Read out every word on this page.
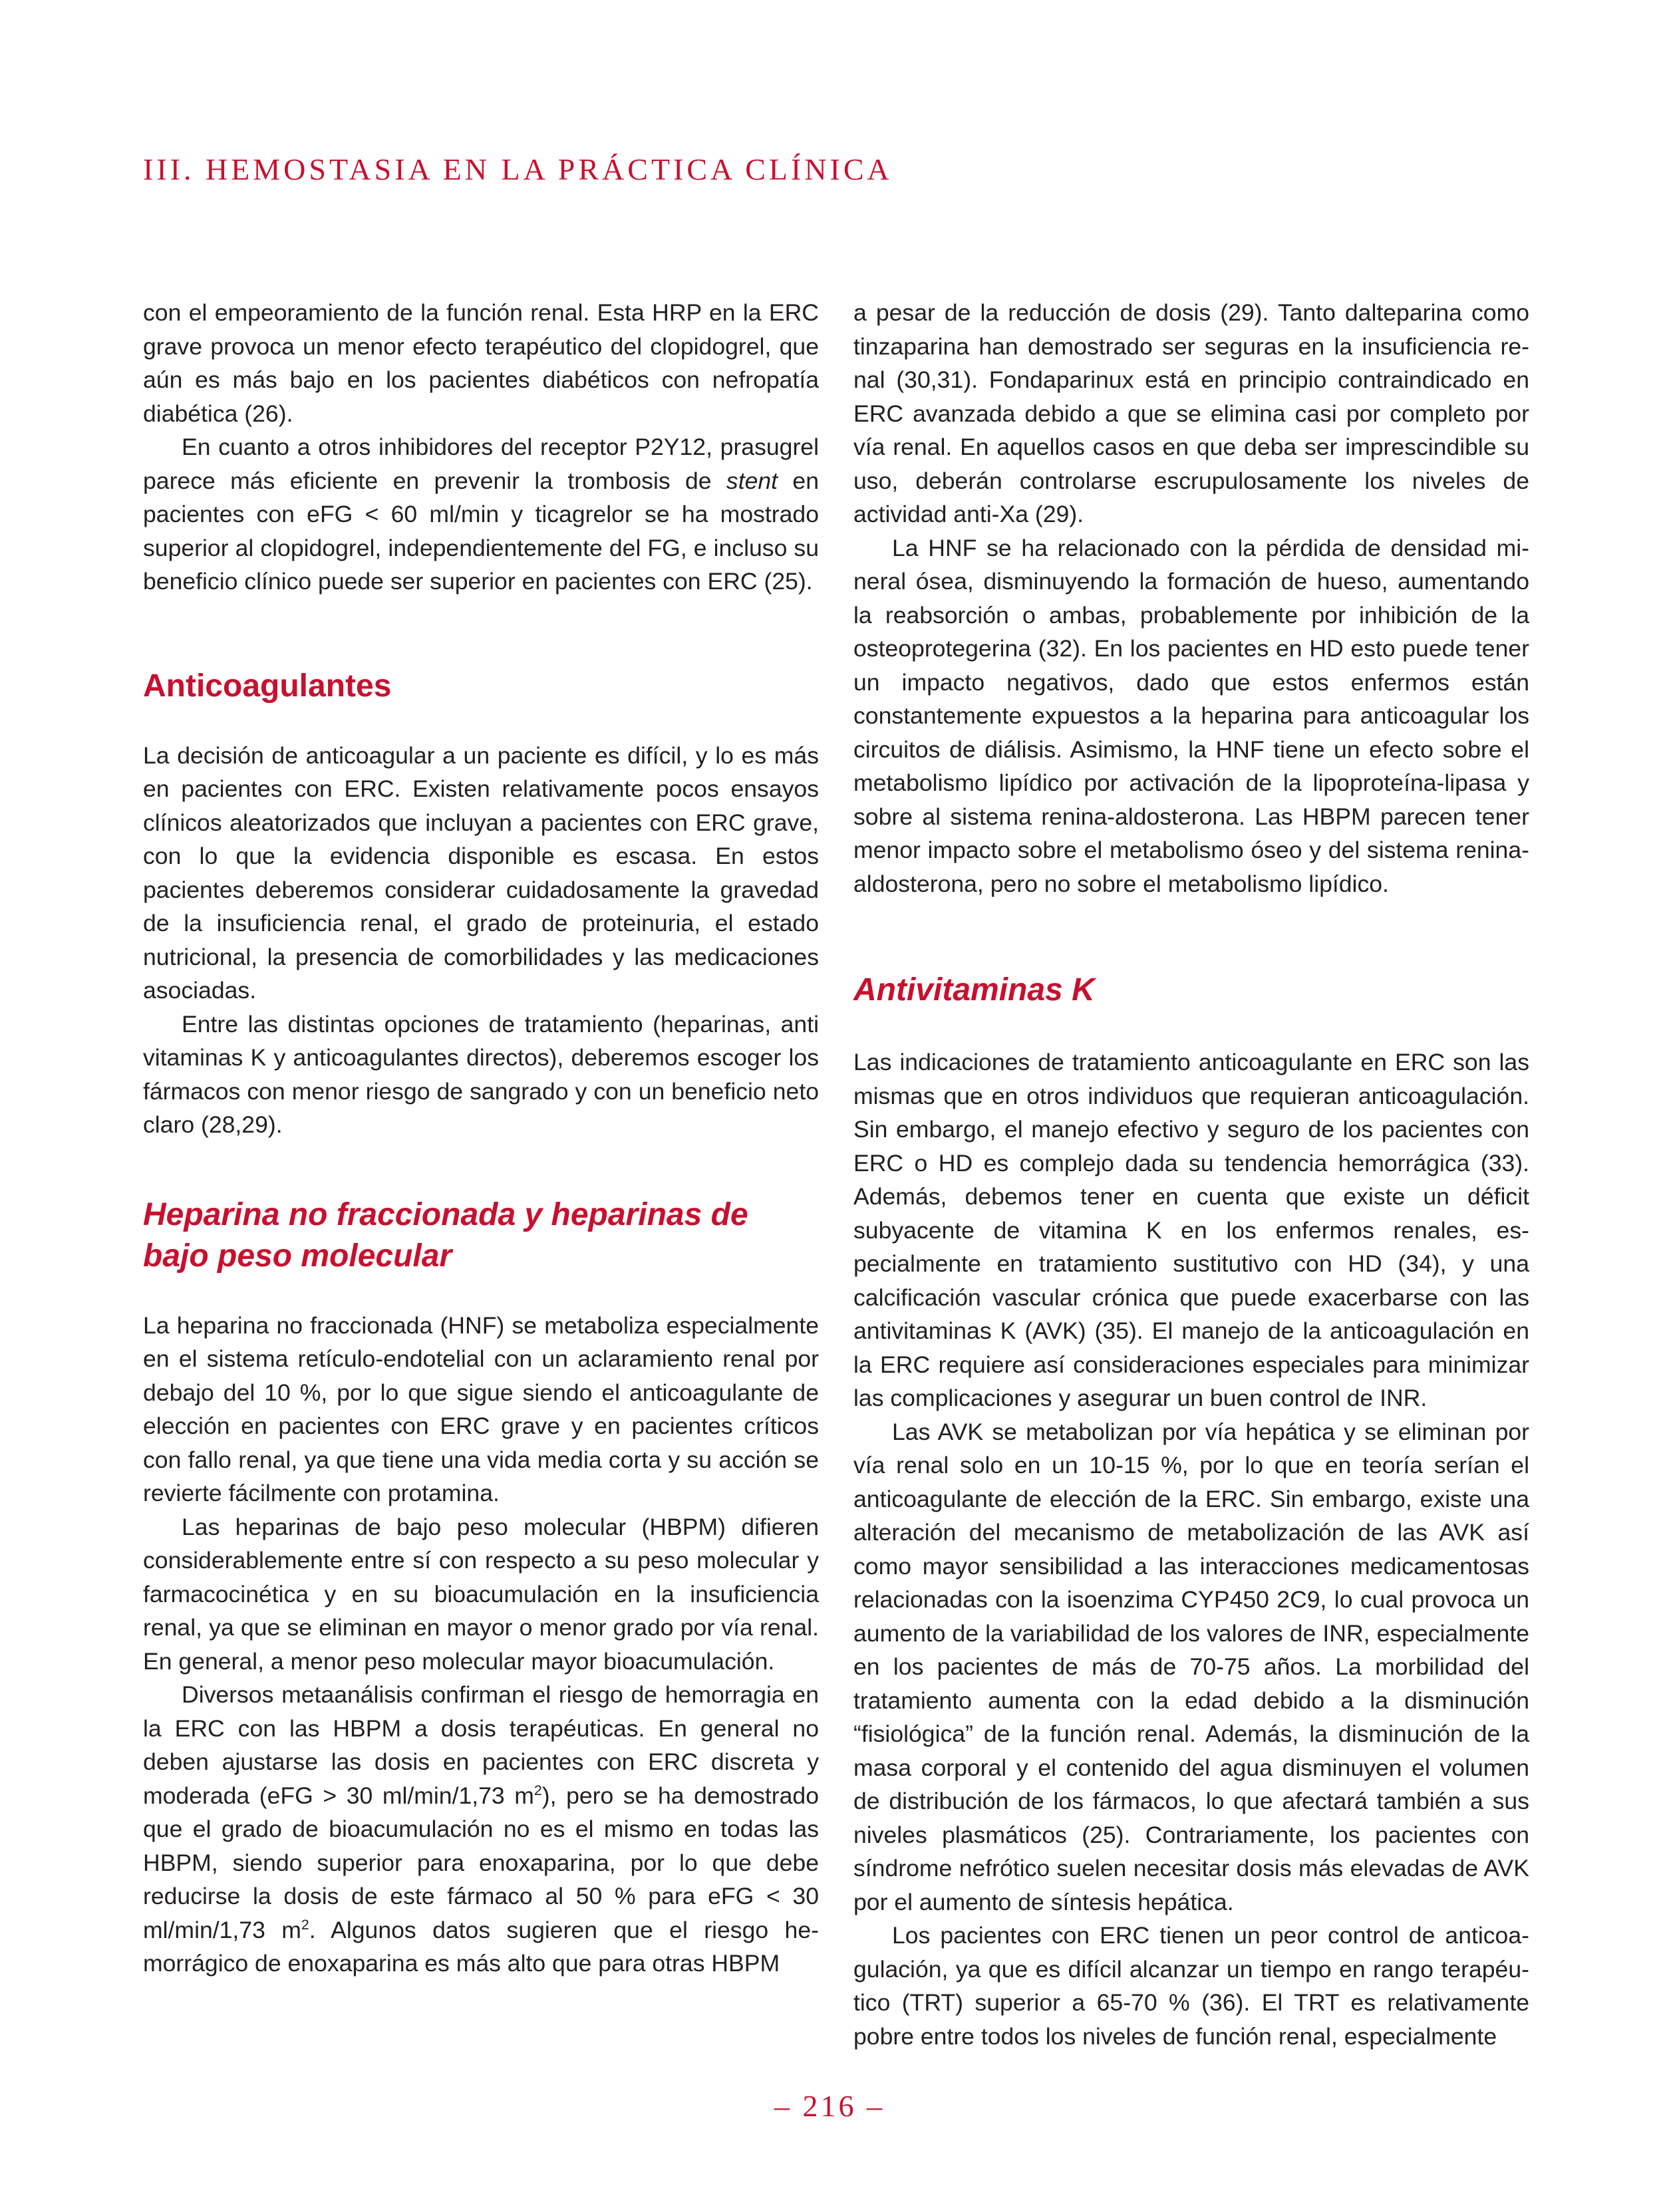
III. HEMOSTASIA EN LA PRÁCTICA CLÍNICA

con el empeoramiento de la función renal. Esta HRP en la ERC grave provoca un menor efecto terapéutico del clopidogrel, que aún es más bajo en los pacientes diabéticos con nefropatía diabética (26).

En cuanto a otros inhibidores del receptor P2Y12, prasugrel parece más eficiente en prevenir la trombosis de stent en pacientes con eFG < 60 ml/min y ticagrelor se ha mostrado superior al clopidogrel, independientemente del FG, e incluso su beneficio clínico puede ser superior en pacientes con ERC (25).

Anticoagulantes

La decisión de anticoagular a un paciente es difícil, y lo es más en pacientes con ERC. Existen relativamente pocos ensayos clínicos aleatorizados que incluyan a pacientes con ERC grave, con lo que la evidencia disponible es escasa. En estos pacientes deberemos considerar cuidadosamente la gravedad de la insuficiencia renal, el grado de proteinuria, el estado nutricional, la presencia de comorbilidades y las medicaciones asociadas.

Entre las distintas opciones de tratamiento (heparinas, anti vitaminas K y anticoagulantes directos), deberemos escoger los fármacos con menor riesgo de sangrado y con un beneficio neto claro (28,29).

Heparina no fraccionada y heparinas de bajo peso molecular

La heparina no fraccionada (HNF) se metaboliza especialmente en el sistema retículo-endotelial con un aclaramiento renal por debajo del 10 %, por lo que sigue siendo el anticoagulante de elección en pacientes con ERC grave y en pacientes críticos con fallo renal, ya que tiene una vida media corta y su acción se revierte fácilmente con protamina.

Las heparinas de bajo peso molecular (HBPM) difieren considerablemente entre sí con respecto a su peso molecular y farmacocinética y en su bioacumulación en la insuficiencia renal, ya que se eliminan en mayor o menor grado por vía renal. En general, a menor peso molecular mayor bioacumulación.

Diversos metaanálisis confirman el riesgo de hemorragia en la ERC con las HBPM a dosis terapéuticas. En general no deben ajustarse las dosis en pacientes con ERC discreta y moderada (eFG > 30 ml/min/1,73 $m^2$), pero se ha demostrado que el grado de bioacumulación no es el mismo en todas las HBPM, siendo superior para enoxaparina, por lo que debe reducirse la dosis de este fármaco al 50 % para eFG < 30 ml/min/1,73 $m^2$. Algunos datos sugieren que el riesgo hemorrágico de enoxaparina es más alto que para otras HBPM

a pesar de la reducción de dosis (29). Tanto dalteparina como tinzaparina han demostrado ser seguras en la insuficiencia renal (30,31). Fondaparinux está en principio contraindicado en ERC avanzada debido a que se elimina casi por completo por vía renal. En aquellos casos en que deba ser imprescindible su uso, deberán controlarse escrupulosamente los niveles de actividad anti-Xa (29).

La HNF se ha relacionado con la pérdida de densidad mineral ósea, disminuyendo la formación de hueso, aumentando la reabsorción o ambas, probablemente por inhibición de la osteoprotegerina (32). En los pacientes en HD esto puede tener un impacto negativos, dado que estos enfermos están constantemente expuestos a la heparina para anticoagular los circuitos de diálisis. Asimismo, la HNF tiene un efecto sobre el metabolismo lipídico por activación de la lipoproteína-lipasa y sobre al sistema renina-aldosterona. Las HBPM parecen tener menor impacto sobre el metabolismo óseo y del sistema reninaaldosterona, pero no sobre el metabolismo lipídico.

Antivitaminas K

Las indicaciones de tratamiento anticoagulante en ERC son las mismas que en otros individuos que requieran anticoagulación. Sin embargo, el manejo efectivo y seguro de los pacientes con ERC o HD es complejo dada su tendencia hemorrágica (33). Además, debemos tener en cuenta que existe un déficit subyacente de vitamina K en los enfermos renales, especialmente en tratamiento sustitutivo con HD (34), y una calcificación vascular crónica que puede exacerbarse con las antivitaminas K (AVK) (35). El manejo de la anticoagulación en la ERC requiere así consideraciones especiales para minimizar las complicaciones y asegurar un buen control de INR.

Las AVK se metabolizan por vía hepática y se eliminan por vía renal solo en un 10-15 %, por lo que en teoría serían el anticoagulante de elección de la ERC. Sin embargo, existe una alteración del mecanismo de metabolización de las AVK así como mayor sensibilidad a las interacciones medicamentosas relacionadas con la isoenzima CYP450 2C9, lo cual provoca un aumento de la variabilidad de los valores de INR, especialmente en los pacientes de más de 70-75 años. La morbilidad del tratamiento aumenta con la edad debido a la disminución “fisiológica” de la función renal. Además, la disminución de la masa corporal y el contenido del agua disminuyen el volumen de distribución de los fármacos, lo que afectará también a sus niveles plasmáticos (25). Contrariamente, los pacientes con síndrome nefrótico suelen necesitar dosis más elevadas de AVK por el aumento de síntesis hepática.

Los pacientes con ERC tienen un peor control de anticoagulación, ya que es difícil alcanzar un tiempo en rango terapéutico (TRT) superior a 65-70 % (36). El TRT es relativamente pobre entre todos los niveles de función renal, especialmente

– 216 –
